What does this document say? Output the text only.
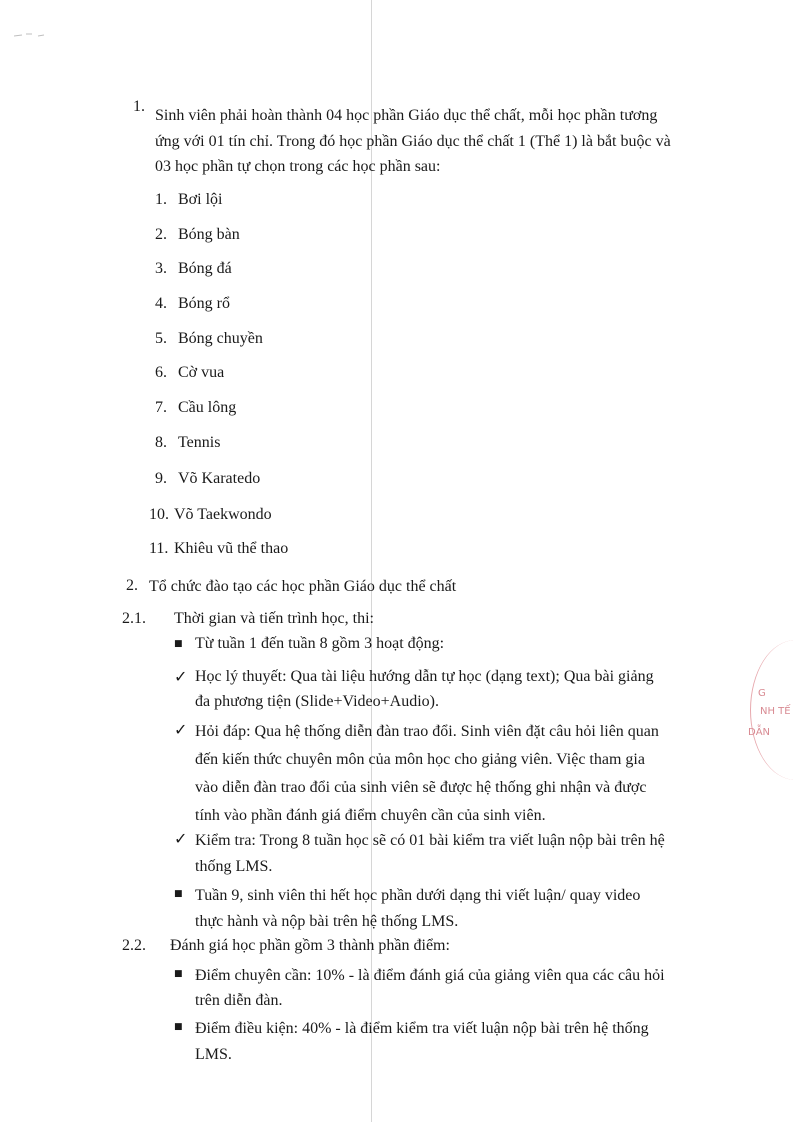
1.
Sinh viên phải hoàn thành 04 học phần Giáo dục thể chất, mỗi học phần tương
ứng với 01 tín chỉ. Trong đó học phần Giáo dục thể chất 1 (Thể 1) là bắt buộc và
03 học phần tự chọn trong các học phần sau:
1. Bơi lội
2. Bóng bàn
3. Bóng đá
4. Bóng rổ
5. Bóng chuyền
6. Cờ vua
7. Cầu lông
8. Tennis
9. Võ Karatedo
10. Võ Taekwondo
11. Khiêu vũ thể thao
2. Tổ chức đào tạo các học phần Giáo dục thể chất
2.1. Thời gian và tiến trình học, thi:
■ Từ tuần 1 đến tuần 8 gồm 3 hoạt động:
✓ Học lý thuyết: Qua tài liệu hướng dẫn tự học (dạng text); Qua bài giảng
đa phương tiện (Slide+Video+Audio).
✓ Hỏi đáp: Qua hệ thống diễn đàn trao đổi. Sinh viên đặt câu hỏi liên quan
đến kiến thức chuyên môn của môn học cho giảng viên. Việc tham gia
vào diễn đàn trao đổi của sinh viên sẽ được hệ thống ghi nhận và được
tính vào phần đánh giá điểm chuyên cần của sinh viên.
✓ Kiểm tra: Trong 8 tuần học sẽ có 01 bài kiểm tra viết luận nộp bài trên hệ
thống LMS.
■ Tuần 9, sinh viên thi hết học phần dưới dạng thi viết luận/ quay video
thực hành và nộp bài trên hệ thống LMS.
2.2. Đánh giá học phần gồm 3 thành phần điểm:
■ Điểm chuyên cần: 10% - là điểm đánh giá của giảng viên qua các câu hỏi
trên diễn đàn.
■ Điểm điều kiện: 40% - là điểm kiểm tra viết luận nộp bài trên hệ thống
LMS.
G
NH TẾ
DẪN
